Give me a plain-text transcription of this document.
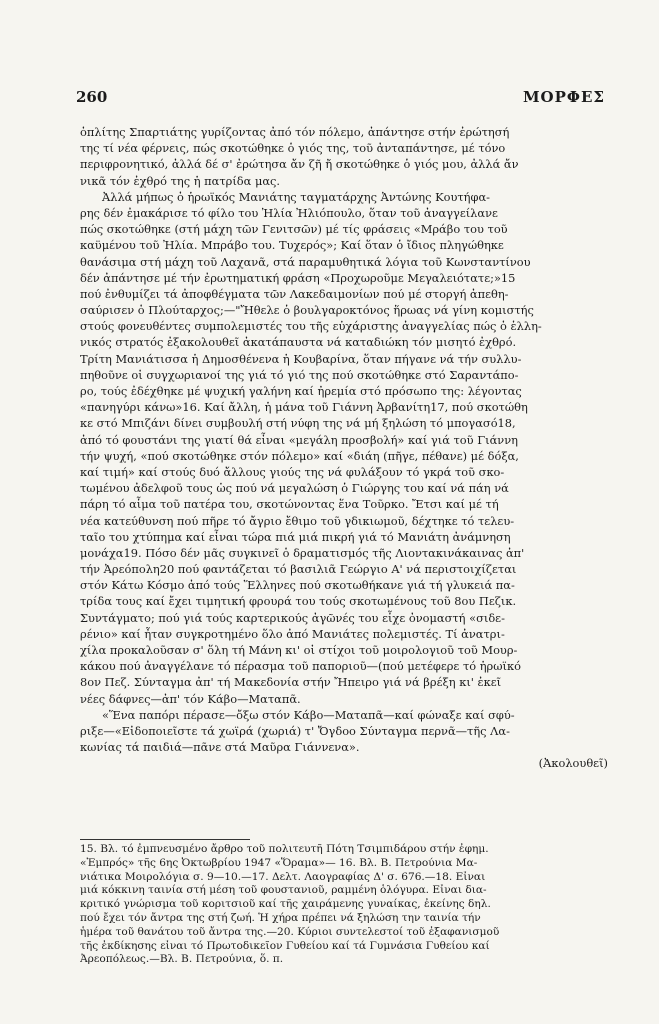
260	ΜΟΡΦΕΣ
ὁπλίτης Σπαρτιάτης γυρίζοντας ἀπό τόν πόλεμο, ἀπάντησε στήν ἐρώτησή
της τί νέα φέρνεις, πώς σκοτώθηκε ὁ γιός της, τοῦ ἀνταπάντησε, μέ τόνο
περιφρονητικό, ἀλλά δέ σ' ἐρώτησα ἄν ζῆ ἤ σκοτώθηκε ὁ γιός μου, ἀλλά ἄν
νικᾶ τόν ἐχθρό της ἡ πατρίδα μας.
Ἀλλά μήπως ὁ ἡρωϊκός Μανιάτης ταγματάρχης Ἀντώνης Κουτήφα-
ρης δέν ἐμακάρισε τό φίλο του Ἠλία Ἠλιόπουλο, ὅταν τοῦ ἀναγγείλανε
πώς σκοτώθηκε (στή μάχη τῶν Γενιτσῶν) μέ τίς φράσεις «Μράβο του τοῦ
καϋμένου τοῦ Ἠλία. Μπράβο του. Τυχερός»; Καί ὅταν ὁ ἴδιος πληγώθηκε
θανάσιμα στή μάχη τοῦ Λαχανᾶ, στά παραμυθητικά λόγια τοῦ Κωνσταντίνου
δέν ἀπάντησε μέ τήν ἐρωτηματική φράση «Προχωροῦμε Μεγαλειότατε;»15
πού ἐνθυμίζει τά ἀποφθέγματα τῶν Λακεδαιμονίων πού μέ στοργή ἀπεθη-
σαύρισεν ὁ Πλούταρχος;—"Ἤθελε ὁ βουλγαροκτόνος ἥρωας νά γίνη κομιστής
στούς φονευθέντες συμπολεμιστές του τῆς εὐχάριστης ἀναγγελίας πώς ὁ ἑλλη-
νικός στρατός ἐξακολουθεῖ ἀκατάπαυστα νά καταδιώκη τόν μισητό ἐχθρό.
Τρίτη Μανιάτισσα ἡ Δημοσθένενα ἡ Κουβαρίνα, ὅταν πήγανε νά τήν συλλυ-
πηθοῦνε οἱ συγχωριανοί της γιά τό γιό της πού σκοτώθηκε στό Σαραντάπο-
ρο, τούς ἐδέχθηκε μέ ψυχική γαλήνη καί ἠρεμία στό πρόσωπο της: λέγοντας
«πανηγύρι κάνω»16. Καί ἄλλη, ἡ μάνα τοῦ Γιάννη Ἀρβανίτη17, πού σκοτώθη
κε στό Μπιζάνι δίνει συμβουλή στή νύφη της νά μή ξηλώση τό μπογασό18,
ἀπό τό φουστάνι της γιατί θά εἶναι «μεγάλη προσβολή» καί γιά τοῦ Γιάννη
τήν ψυχή, «πού σκοτώθηκε στόν πόλεμο» καί «διάη (πῆγε, πέθανε) μέ δόξα,
καί τιμή» καί στούς δυό ἄλλους γιούς της νά φυλάξουν τό γκρά τοῦ σκο-
τωμένου ἀδελφοῦ τους ὡς πού νά μεγαλώση ὁ Γιώργης του καί νά πάη νά
πάρη τό αἷμα τοῦ πατέρα του, σκοτώνοντας ἕνα Τοῦρκο. Ἔτσι καί μέ τή
νέα κατεύθυνση πού πῆρε τό ἄγριο ἔθιμο τοῦ γδικιωμοῦ, δέχτηκε τό τελευ-
ταῖο του χτύπημα καί εἶναι τώρα πιά μιά πικρή γιά τό Μανιάτη ἀνάμνηση
μονάχα19. Πόσο δέν μᾶς συγκινεῖ ὁ δραματισμός τῆς Λιοντακινάκαινας ἀπ'
τήν Ἀρεόπολη20 πού φαντάζεται τό βασιλιᾶ Γεώργιο Α' νά περιστοιχίζεται
στόν Κάτω Κόσμο ἀπό τούς Ἕλληνες πού σκοτωθήκανε γιά τή γλυκειά πα-
τρίδα τους καί ἔχει τιμητική φρουρά του τούς σκοτωμένους τοῦ 8ου Πεζικ.
Συντάγματο; πού γιά τούς καρτερικούς ἀγῶνές του εἶχε ὀνομαστή «σιδε-
ρένιο» καί ἦταν συγκροτημένο ὅλο ἀπό Μανιάτες πολεμιστές. Τί ἀνατρι-
χίλα προκαλοῦσαν σ' ὅλη τή Μάνη κι' οἱ στίχοι τοῦ μοιρολογιοῦ τοῦ Μουρ-
κάκου πού ἀναγγέλανε τό πέρασμα τοῦ παποριοῦ—(πού μετέφερε τό ἡρωϊκό
8ον Πεζ. Σύνταγμα ἀπ' τή Μακεδονία στήν Ἤπειρο γιά νά βρέξη κι' ἐκεῖ
νέες δάφνες—ἀπ' τόν Κάβο—Ματαπᾶ.
«Ἕνα παπόρι πέρασε—ὄξω στόν Κάβο—Ματαπᾶ—καί φώναξε καί σφύ-
ριξε—«Εἰδοποιεῖστε τά χωϊρά (χωριά) τ' Ὄγδοο Σύνταγμα περνᾶ—τῆς Λα-
κωνίας τά παιδιά—πᾶνε στά Μαῦρα Γιάννενα».
(Ἀκολουθεῖ)
15. Βλ. τό ἐμπνευσμένο ἄρθρο τοῦ πολιτευτῆ Πότη Τσιμπιδάρου στήν ἐφημ.
«Ἐμπρός» τῆς 6ης Ὀκτωβρίου 1947 «Ὅραμα»— 16. Βλ. Β. Πετρούνια Μα-
νιάτικα Μοιρολόγια σ. 9—10.—17. Δελτ. Λαογραφίας Δ' σ. 676.—18. Εἶναι
μιά κόκκινη ταινία στή μέση τοῦ φουστανιοῦ, ραμμένη ὁλόγυρα. Εἶναι δια-
κριτικό γνώρισμα τοῦ κοριτσιοῦ καί τῆς χαιράμενης γυναίκας, ἐκείνης δηλ.
πού ἔχει τόν ἄντρα της στή ζωή. Ἡ χήρα πρέπει νά ξηλώση την ταινία τήν
ἡμέρα τοῦ θανάτου τοῦ ἄντρα της.—20. Κύριοι συντελεστοί τοῦ ἐξαφανισμοῦ
τῆς ἐκδίκησης εἶναι τό Πρωτοδικεῖον Γυθείου καί τά Γυμνάσια Γυθείου καί
Ἀρεοπόλεως.—Βλ. Β. Πετρούνια, ὅ. π.
